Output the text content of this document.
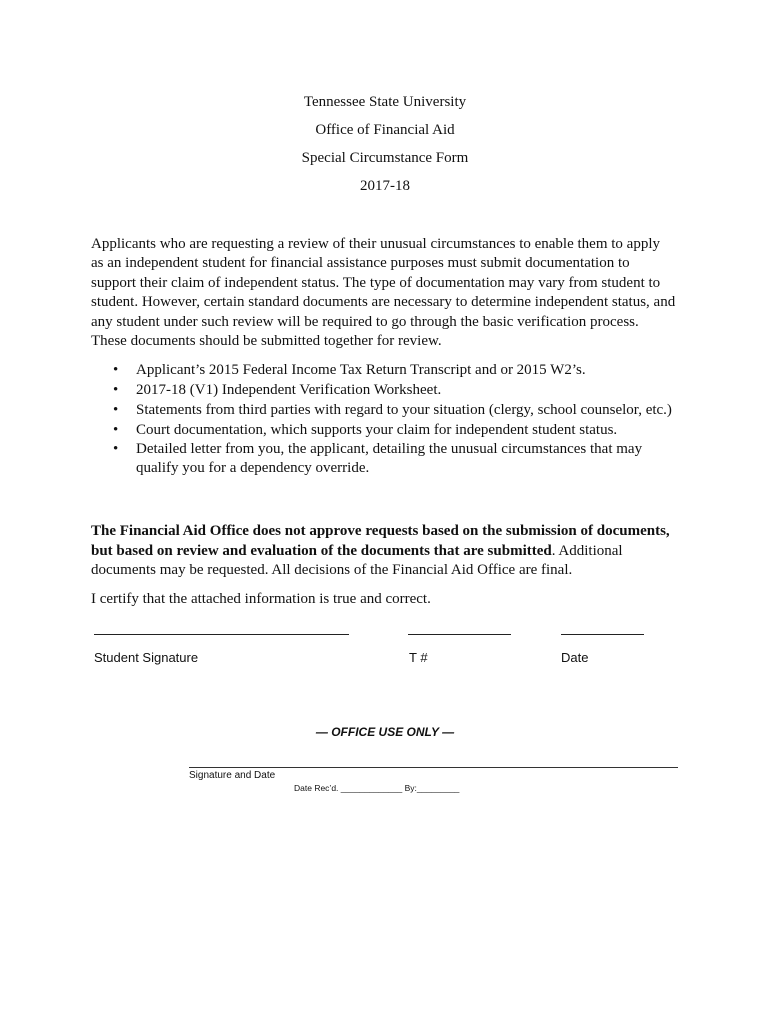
Tennessee State University
Office of Financial Aid
Special Circumstance Form
2017-18
Applicants who are requesting a review of their unusual circumstances to enable them to apply
as an independent student for financial assistance purposes must submit documentation to
support their claim of independent status. The type of documentation may vary from student to
student. However, certain standard documents are necessary to determine independent status, and
any student under such review will be required to go through the basic verification process.
These documents should be submitted together for review.
• Applicant’s 2015 Federal Income Tax Return Transcript and or 2015 W2’s.
• 2017-18 (V1) Independent Verification Worksheet.
• Statements from third parties with regard to your situation (clergy, school counselor, etc.)
• Court documentation, which supports your claim for independent student status.
• Detailed letter from you, the applicant, detailing the unusual circumstances that may
qualify you for a dependency override.
The Financial Aid Office does not approve requests based on the submission of documents,
but based on review and evaluation of the documents that are submitted. Additional
documents may be requested. All decisions of the Financial Aid Office are final.
I certify that the attached information is true and correct.
Student Signature	T #	Date
— OFFICE USE ONLY —
Signature and Date
Date Rec’d. _____________ By:_________
